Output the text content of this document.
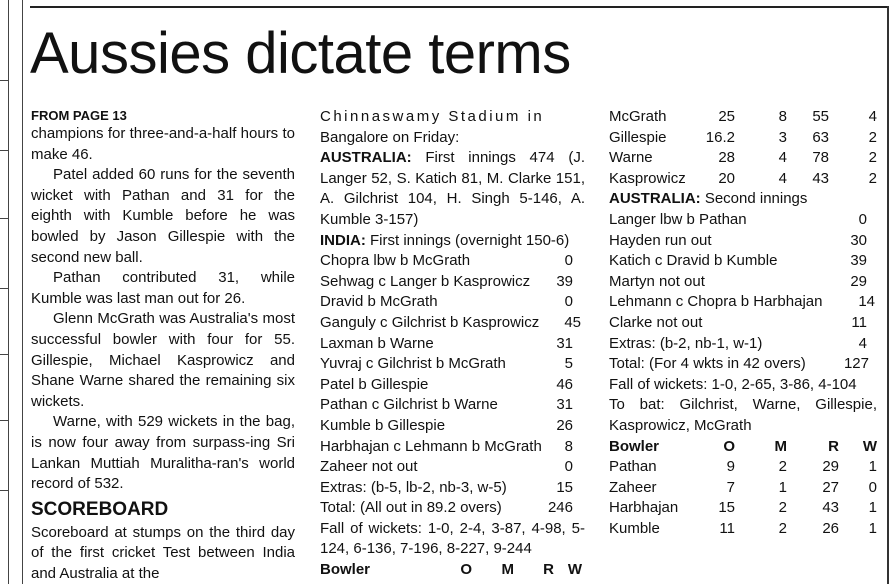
Aussies dictate terms

FROM PAGE 13

champions for three-and-a-half hours to make 46.

Patel added 60 runs for the seventh wicket with Pathan and 31 for the eighth with Kumble before he was bowled by Jason Gillespie with the second new ball.

Pathan contributed 31, while Kumble was last man out for 26.

Glenn McGrath was Australia's most successful bowler with four for 55. Gillespie, Michael Kasprowicz and Shane Warne shared the remaining six wickets.

Warne, with 529 wickets in the bag, is now four away from surpass-ing Sri Lankan Muttiah Muralitha-ran's world record of 532.

SCOREBOARD

Scoreboard at stumps on the third day of the first cricket Test between India and Australia at the

Chinnaswamy Stadium in

Bangalore on Friday:

AUSTRALIA: First innings 474 (J. Langer 52, S. Katich 81, M. Clarke 151, A. Gilchrist 104, H. Singh 5-146, A. Kumble 3-157)

INDIA: First innings (overnight 150-6)

Chopra lbw b McGrath	0
Sehwag c Langer b Kasprowicz 39
Dravid b McGrath	0
Ganguly c Gilchrist b Kasprowicz 45
Laxman b Warne	31
Yuvraj c Gilchrist b McGrath	5
Patel b Gillespie	46
Pathan c Gilchrist b Warne	31
Kumble b Gillespie	26
Harbhajan c Lehmann b McGrath 8
Zaheer not out	0
Extras: (b-5, lb-2, nb-3, w-5)	15
Total: (All out in 89.2 overs)	246

Fall of wickets: 1-0, 2-4, 3-87, 4-98, 5-124, 6-136, 7-196, 8-227, 9-244

Bowler	O	M	R W
McGrath	25	8	55	4
Gillespie	16.2	3	63	2
Warne	28	4	78	2
Kasprowicz	20	4	43	2

AUSTRALIA: Second innings

Langer lbw b Pathan	0
Hayden run out	30
Katich c Dravid b Kumble	39
Martyn not out	29
Lehmann c Chopra b Harbhajan 14
Clarke not out	11
Extras: (b-2, nb-1, w-1)	4
Total: (For 4 wkts in 42 overs)	127

Fall of wickets: 1-0, 2-65, 3-86, 4-104

To bat: Gilchrist, Warne, Gillespie, Kasprowicz, McGrath

Bowler	O	M	R	W
Pathan	9	2	29	1
Zaheer	7	1	27	0
Harbhajan	15	2	43	1
Kumble	11	2	26	1
